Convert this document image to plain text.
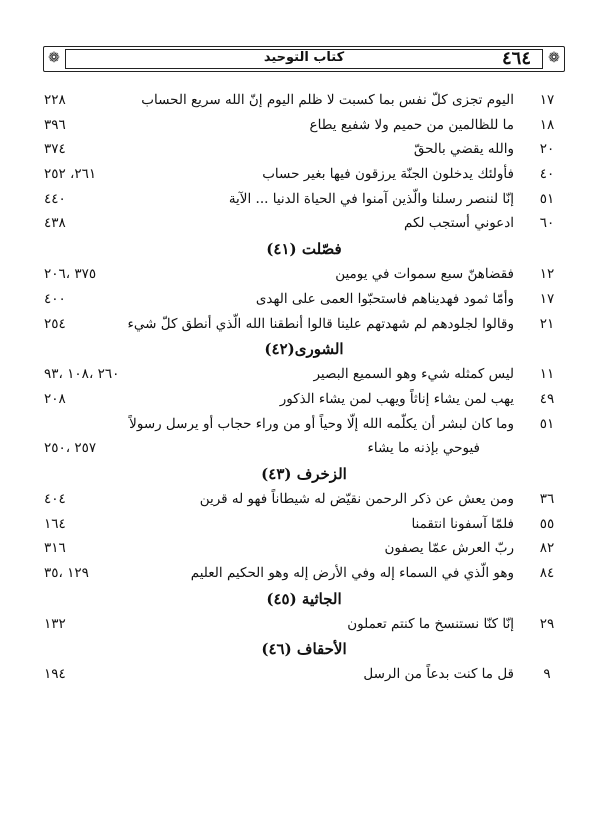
❁	❁
٤٦٤
كتاب التوحيد
١٧
اليوم تجزى كلّ نفس بما كسبت لا ظلم اليوم إنّ الله سريع الحساب
٢٢٨
١٨
ما للظالمين من حميم ولا شفيع يطاع
٣٩٦
٢٠
والله يقضي بالحقّ
٣٧٤
٤٠
فأولئك يدخلون الجنّة يرزقون فيها بغير حساب
٢٦١، ٢٥٢
٥١
إنّا لننصر رسلنا والّذين آمنوا في الحياة الدنيا ... الآية
٤٤٠
٦٠
ادعوني أستجب لكم
٤٣٨
فصّلت (٤١)
١٢
فقضاهنّ سبع سموات في يومين
٣٧٥ ،٢٠٦
١٧
وأمّا ثمود فهديناهم فاستحبّوا العمى على الهدى
٤٠٠
٢١
وقالوا لجلودهم لم شهدتهم علينا قالوا أنطقنا الله الّذي أنطق كلّ شيء
٢٥٤
الشورى(٤٢)
١١
ليس كمثله شيء وهو السميع البصير
٢٦٠ ،١٠٨ ،٩٣
٤٩
يهب لمن يشاء إناثاً ويهب لمن يشاء الذكور
٢٠٨
٥١
وما كان لبشر أن يكلّمه الله إلّا وحياً أو من وراء حجاب أو يرسل رسولاً
فيوحي بإذنه ما يشاء
٢٥٧ ،٢٥٠
الزخرف (٤٣)
٣٦
ومن يعش عن ذكر الرحمن نقيّض له شيطاناً فهو له قرين
٤٠٤
٥٥
فلمّا آسفونا انتقمنا
١٦٤
٨٢
ربّ العرش عمّا يصفون
٣١٦
٨٤
وهو الّذي في السماء إله وفي الأرض إله وهو الحكيم العليم
١٢٩ ،٣٥
الجاثية (٤٥)
٢٩
إنّا كنّا نستنسخ ما كنتم تعملون
١٣٢
الأحقاف (٤٦)
٩
قل ما كنت بدعاً من الرسل
١٩٤
